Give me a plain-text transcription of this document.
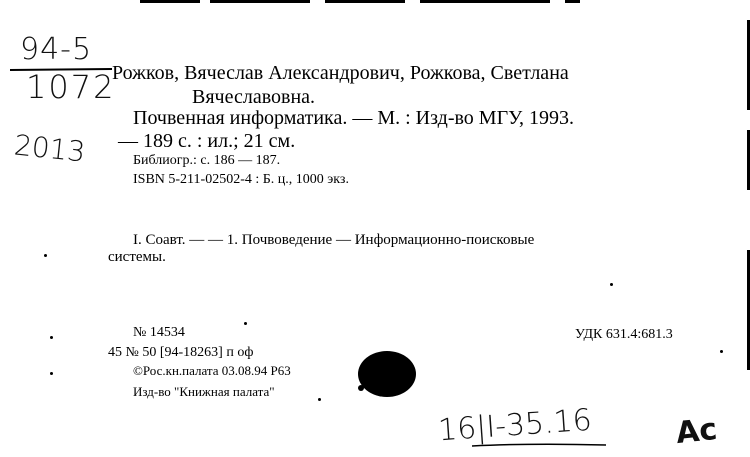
94-5
1072
2013
Рожков, Вячеслав Александрович, Рожкова, Светлана
Вячеславовна.
Почвенная информатика. — М. : Изд-во МГУ, 1993.
— 189 с. : ил.; 21 см.
Библиогр.: с. 186 — 187.
ISBN 5-211-02502-4 : Б. ц., 1000 экз.
I. Соавт. — — 1. Почвоведение — Информационно-поисковые
системы.
№ 14534	УДК 631.4:681.3
45 № 50 [94-18263] п оф
©Рос.кн.палата 03.08.94 Р63
Изд-во "Книжная палата"
16|I-35.16	Ac
